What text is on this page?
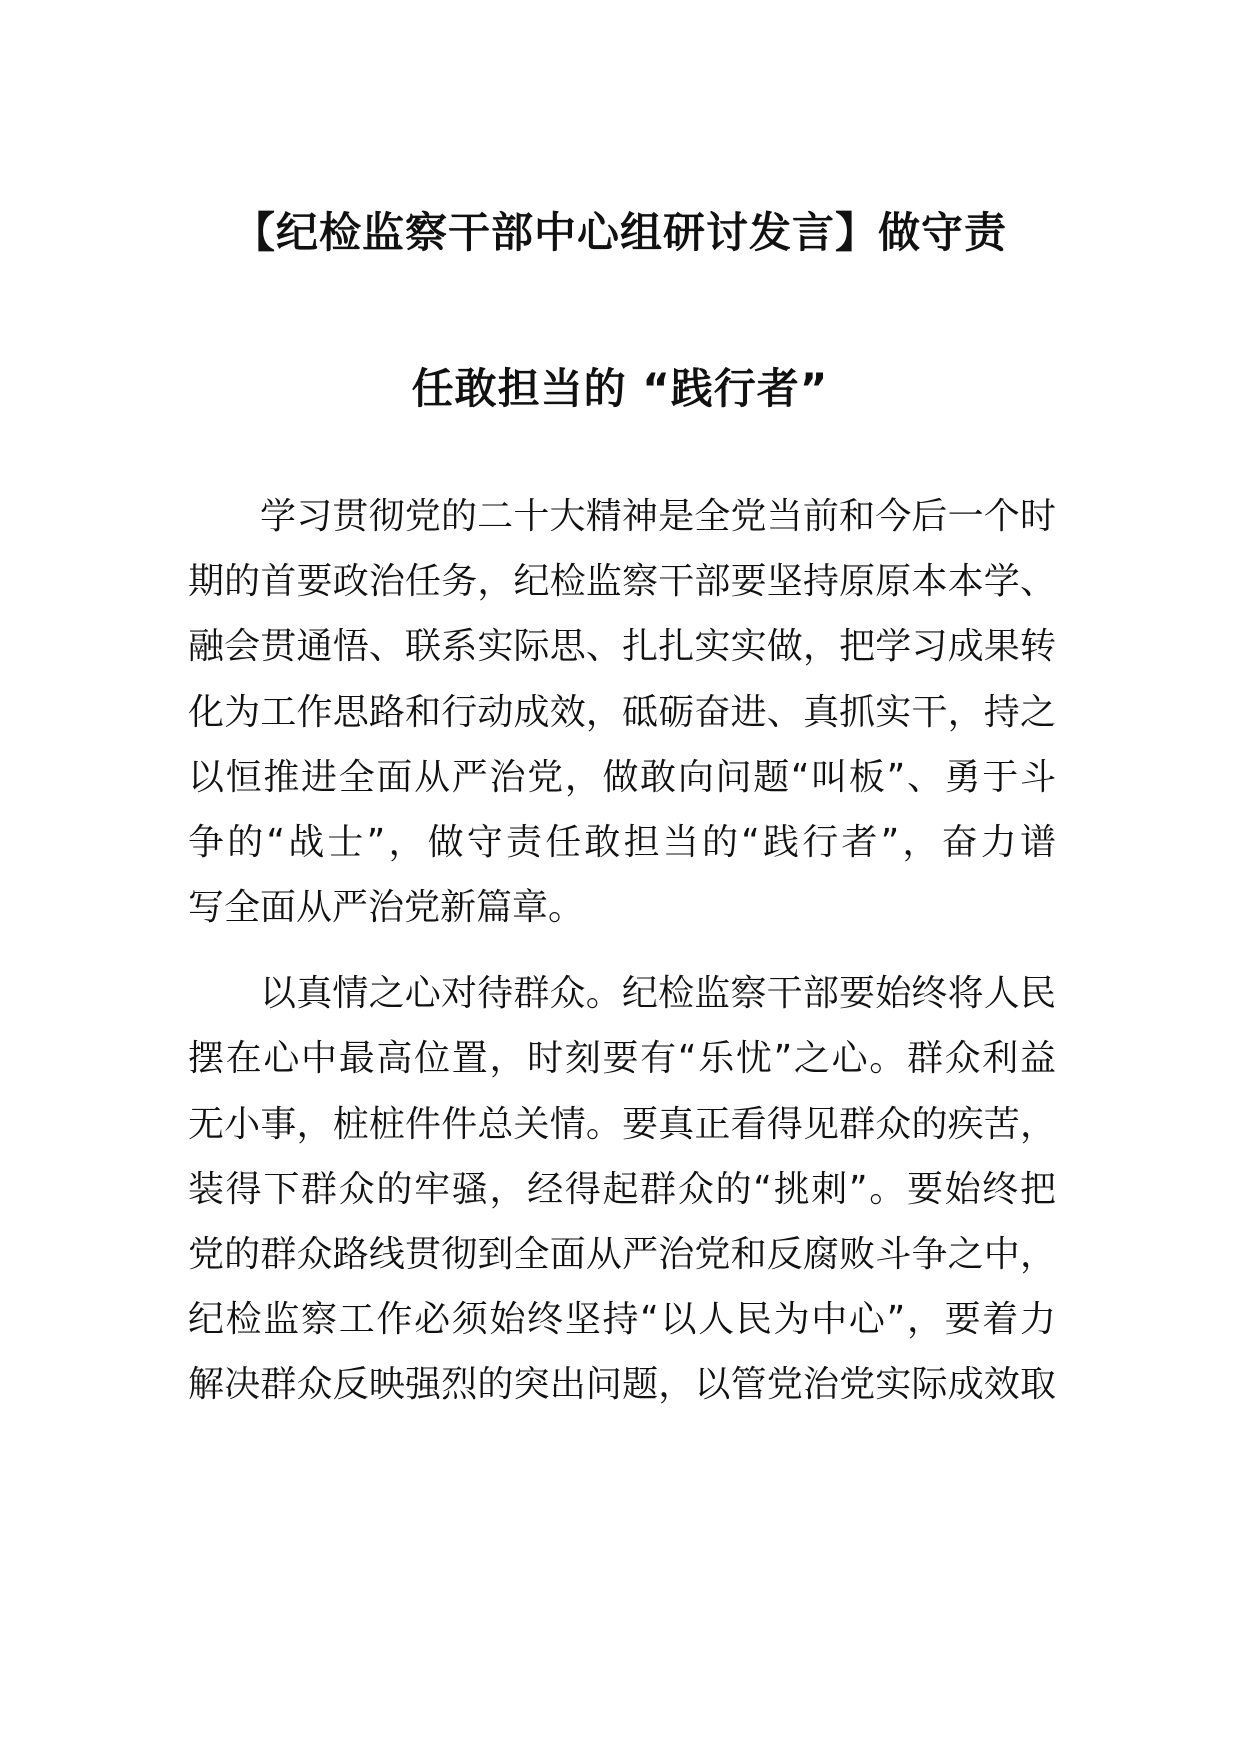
【纪检监察干部中心组研讨发言】做守责
任敢担当的 “践行者”

学习贯彻党的二十大精神是全党当前和今后一个时

期的首要政治任务，纪检监察干部要坚持原原本本学、

融会贯通悟、联系实际思、扎扎实实做，把学习成果转

化为工作思路和行动成效，砥砺奋进、真抓实干，持之

以恒推进全面从严治党，做敢向问题“叫板”、勇于斗

争的“战士”，做守责任敢担当的“践行者”，奋力谱

写全面从严治党新篇章。

以真情之心对待群众。纪检监察干部要始终将人民

摆在心中最高位置，时刻要有“乐忧”之心。群众利益

无小事，桩桩件件总关情。要真正看得见群众的疾苦，

装得下群众的牢骚，经得起群众的“挑刺”。要始终把

党的群众路线贯彻到全面从严治党和反腐败斗争之中，

纪检监察工作必须始终坚持“以人民为中心”，要着力

解决群众反映强烈的突出问题，以管党治党实际成效取
